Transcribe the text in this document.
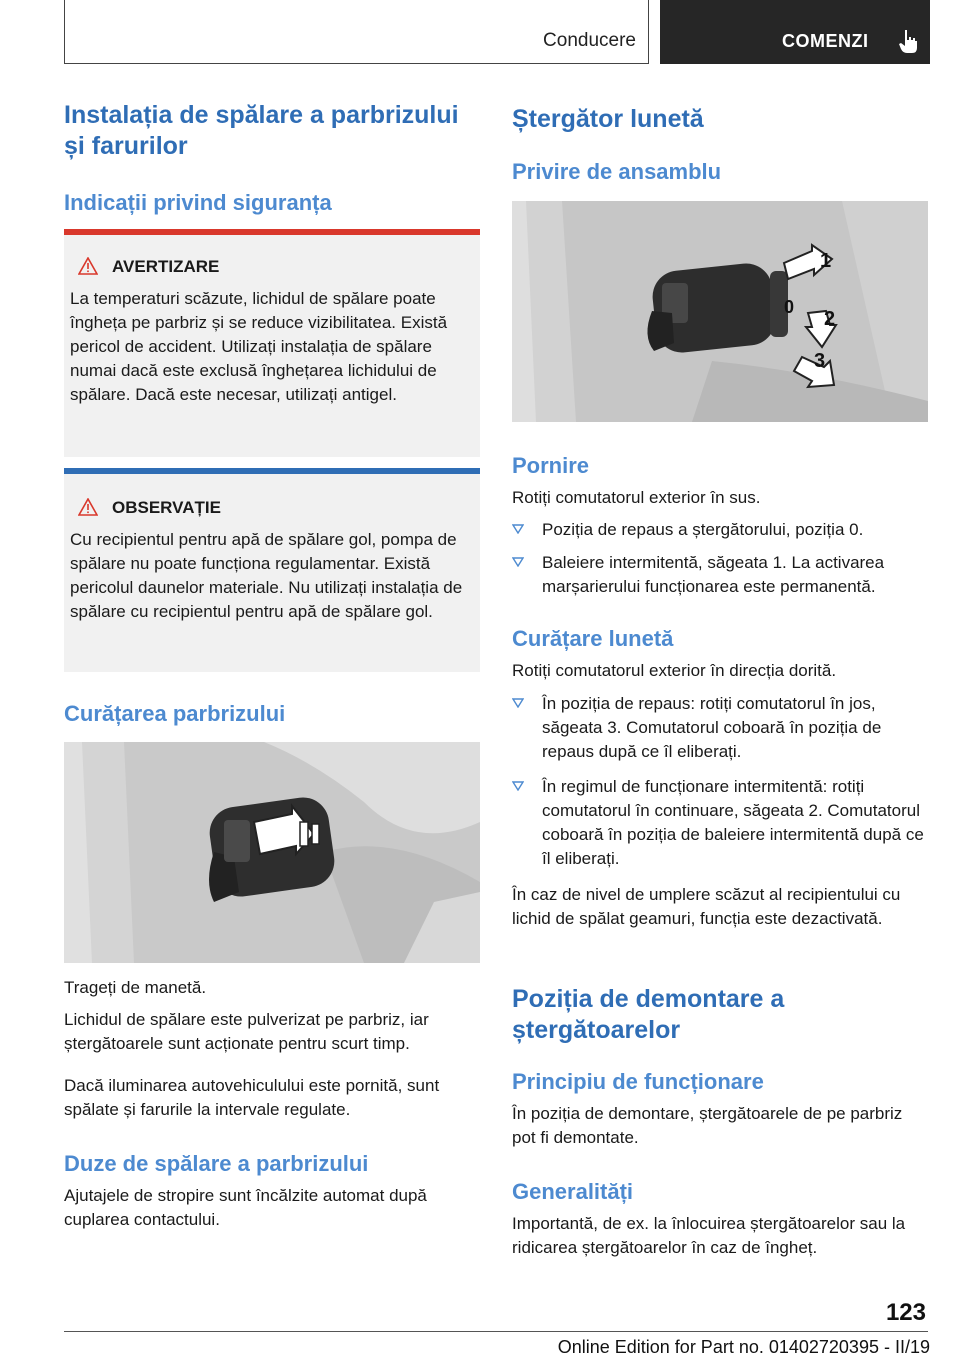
Conducere	COMENZI
Instalația de spălare a parbrizului și farurilor
Indicații privind siguranța
AVERTIZARE
La temperaturi scăzute, lichidul de spălare poate îngheța pe parbriz și se reduce vizibilitatea. Există pericol de accident. Utilizați instalația de spălare numai dacă este exclusă înghețarea lichidului de spălare. Dacă este necesar, utilizați antigel.
OBSERVAȚIE
Cu recipientul pentru apă de spălare gol, pompa de spălare nu poate funcționa regulamentar. Există pericolul daunelor materiale. Nu utilizați instalația de spălare cu recipientul pentru apă de spălare gol.
Curățarea parbrizului

Trageți de manetă.

Lichidul de spălare este pulverizat pe parbriz, iar ștergătoarele sunt acționate pentru scurt timp.

Dacă iluminarea autovehiculului este pornită, sunt spălate și farurile la intervale regulate.

Duze de spălare a parbrizului

Ajutajele de stropire sunt încălzite automat după cuplarea contactului.

Ștergător lunetă
Privire de ansamblu
1
0
2
3
Pornire

Rotiți comutatorul exterior în sus.

Poziția de repaus a ștergătorului, poziția 0.
Baleiere intermitentă, săgeata 1. La activarea marșarierului funcționarea este permanentă.
Curățare lunetă

Rotiți comutatorul exterior în direcția dorită.

În poziția de repaus: rotiți comutatorul în jos, săgeata 3. Comutatorul coboară în poziția de repaus după ce îl eliberați.
În regimul de funcționare intermitentă: rotiți comutatorul în continuare, săgeata 2. Comutatorul coboară în poziția de baleiere intermitentă după ce îl eliberați.

În caz de nivel de umplere scăzut al recipientului cu lichid de spălat geamuri, funcția este dezactivată.

Poziția de demontare a ștergătoarelor
Principiu de funcționare

În poziția de demontare, ștergătoarele de pe parbriz pot fi demontate.

Generalități

Importantă, de ex. la înlocuirea ștergătoarelor sau la ridicarea ștergătoarelor în caz de îngheț.

123
Online Edition for Part no. 01402720395 - II/19
